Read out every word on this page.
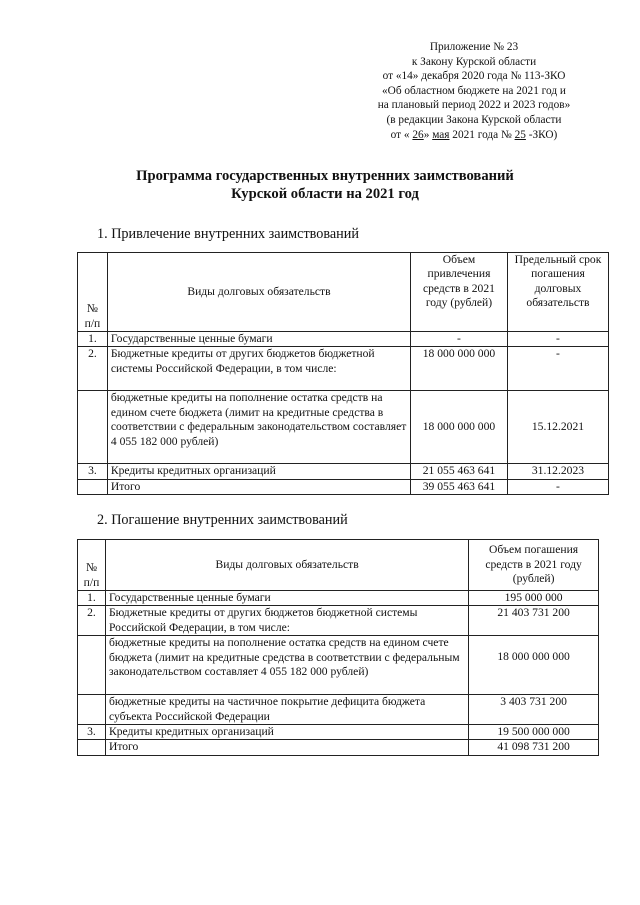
Приложение № 23
к Закону Курской области
от «14» декабря 2020 года № 113-ЗКО
«Об областном бюджете на 2021 год и
на плановый период 2022 и 2023 годов»
(в редакции Закона Курской области
от « 26» мая 2021 года № 25 -ЗКО)
Программа государственных внутренних заимствований
Курской области на 2021 год
1. Привлечение внутренних заимствований
№ п/п	Виды долговых обязательств	Объем привлечения средств в 2021 году (рублей)	Предельный срок погашения долговых обязательств
1.	Государственные ценные бумаги	-	-
2.	Бюджетные кредиты от других бюджетов бюджетной системы Российской Федерации, в том числе:	18 000 000 000	-
	бюджетные кредиты на пополнение остатка средств на едином счете бюджета (лимит на кредитные средства в соответствии с федеральным законодательством составляет 4 055 182 000 рублей)	18 000 000 000	15.12.2021
3.	Кредиты кредитных организаций	21 055 463 641	31.12.2023
	Итого	39 055 463 641	-
2. Погашение внутренних заимствований
№ п/п	Виды долговых обязательств	Объем погашения средств в 2021 году (рублей)
1.	Государственные ценные бумаги	195 000 000
2.	Бюджетные кредиты от других бюджетов бюджетной системы Российской Федерации, в том числе:	21 403 731 200
	бюджетные кредиты на пополнение остатка средств на едином счете бюджета (лимит на кредитные средства в соответствии с федеральным законодательством составляет 4 055 182 000 рублей)	18 000 000 000
	бюджетные кредиты на частичное покрытие дефицита бюджета субъекта Российской Федерации	3 403 731 200
3.	Кредиты кредитных организаций	19 500 000 000
	Итого	41 098 731 200
